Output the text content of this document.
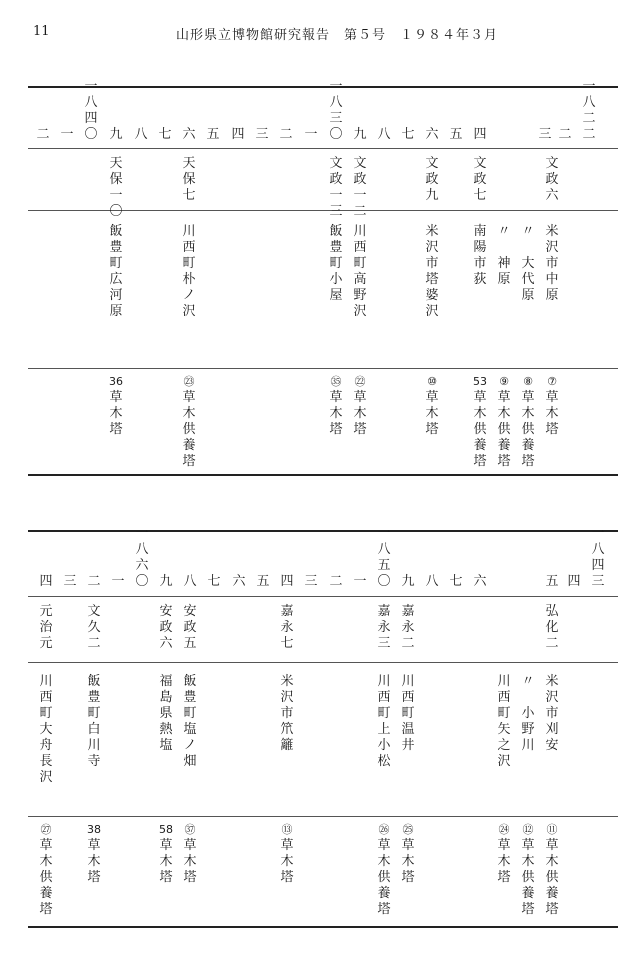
11	山形県立博物館研究報告　第５号　１９８４年３月
二
一
八
二
二
三
四
五
六
七
八
九
一
八
三
〇
一
二
三
四
五
六
七
八
九
一
八
四
〇
一
二
文
政
六
文
政
七
文
政
九
文
政
一
二
文
政
一
三
天
保
七
天
保
一
〇
米
沢
市
中
原
〃

大
代
原
〃

神
原
南
陽
市
荻
米
沢
市
塔
婆
沢
川
西
町
高
野
沢
飯
豊
町
小
屋
川
西
町
朴
ノ
沢
飯
豊
町
広
河
原
⑦
草
木
塔
⑧
草
木
供
養
塔
⑨
草
木
供
養
塔
53
草
木
供
養
塔
⑩
草
木
塔
㉒
草
木
塔
㉟
草
木
塔
㉓
草
木
供
養
塔
36
草
木
塔
四
一
八
四
三
五
六
七
八
九
一
八
五
〇
一
二
三
四
五
六
七
八
九
一
八
六
〇
一
二
三
四
弘
化
二
嘉
永
二
嘉
永
三
嘉
永
七
安
政
五
安
政
六
文
久
二
元
治
元
米
沢
市
刈
安
〃

小
野
川
川
西
町
矢
之
沢
川
西
町
温
井
川
西
町
上
小
松
米
沢
市
笊
籬
飯
豊
町
塩
ノ
畑
福
島
県
熱
塩
飯
豊
町
白
川
寺
川
西
町
大
舟
長
沢
⑪
草
木
供
養
塔
⑫
草
木
供
養
塔
㉔
草
木
塔
㉕
草
木
塔
㉖
草
木
供
養
塔
⑬
草
木
塔
㊲
草
木
塔
58
草
木
塔
38
草
木
塔
㉗
草
木
供
養
塔
